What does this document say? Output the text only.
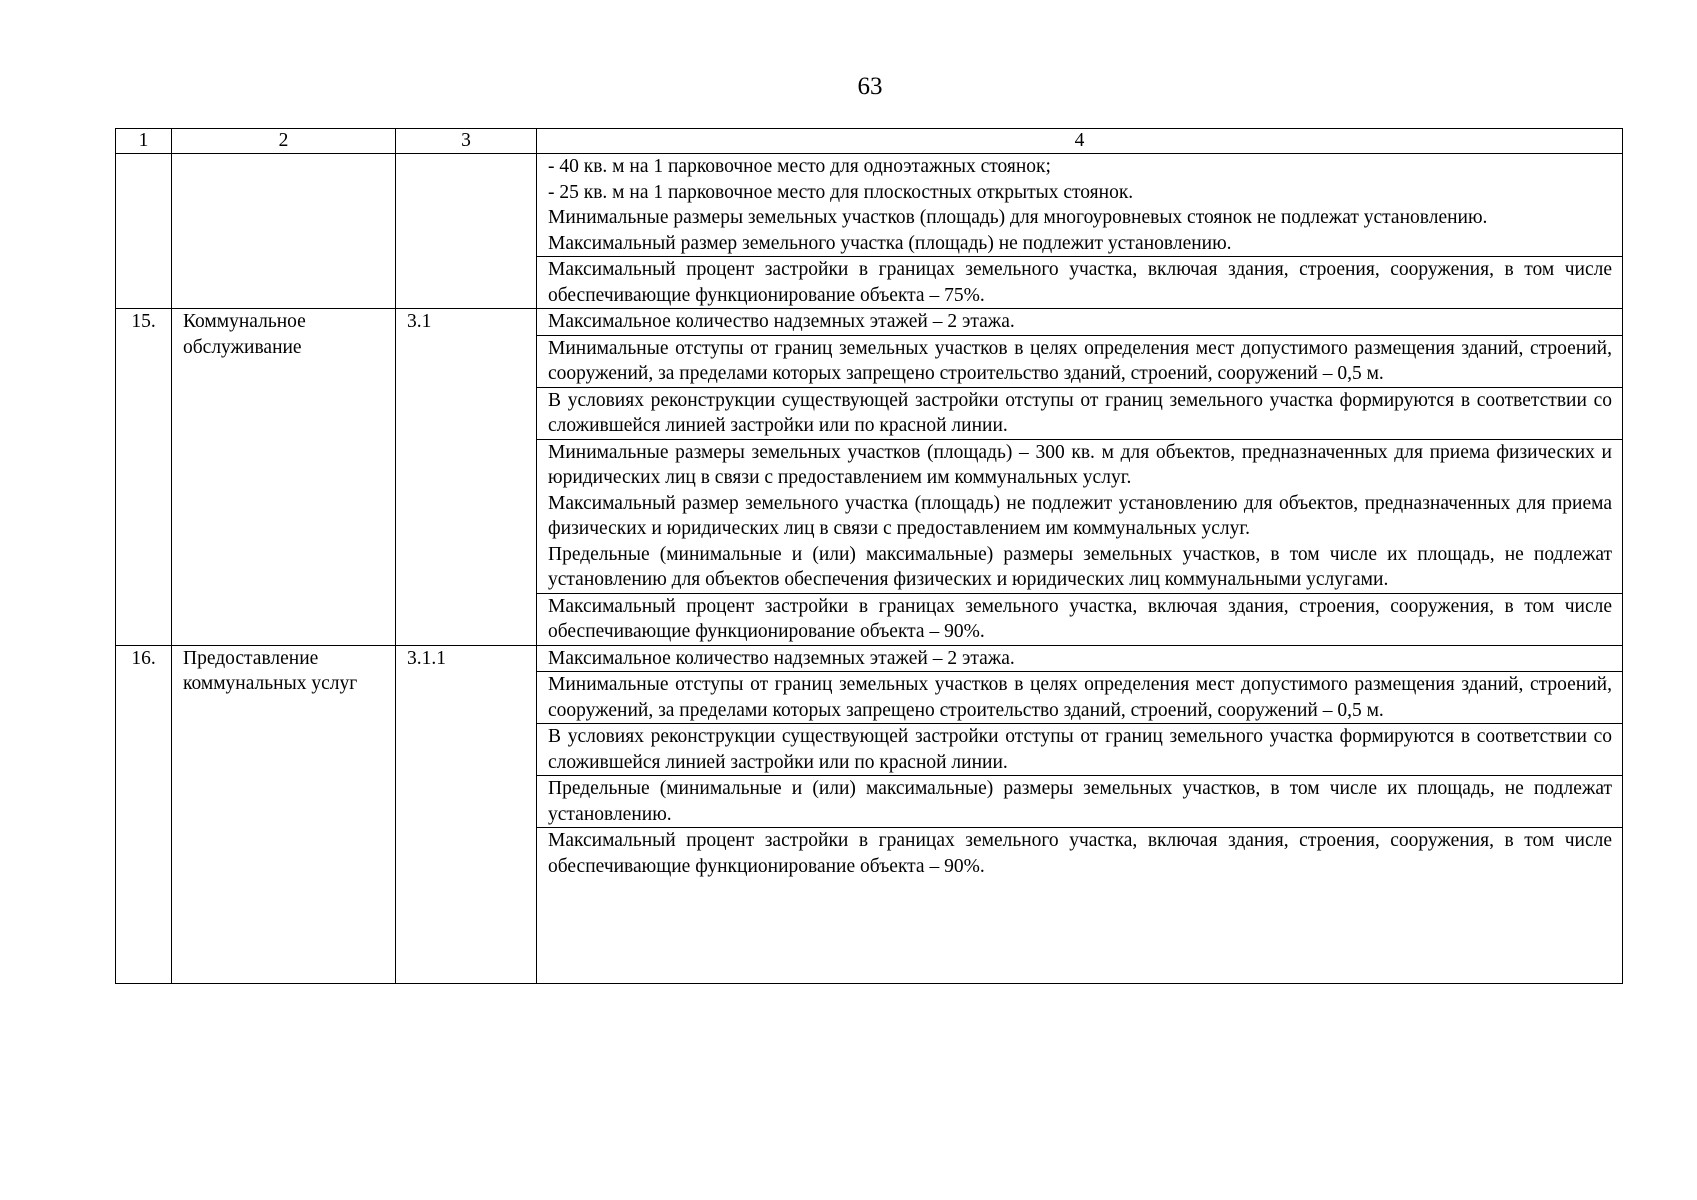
63
1	2	3	4

			- 40 кв. м на 1 парковочное место для одноэтажных стоянок;
- 25 кв. м на 1 парковочное место для плоскостных открытых стоянок.
Минимальные размеры земельных участков (площадь) для многоуровневых стоянок не подлежат установлению.
Максимальный размер земельного участка (площадь) не подлежит установлению.

			Максимальный процент застройки в границах земельного участка, включая здания, строения, сооружения, в том числе обеспечивающие функционирование объекта – 75%.

15.	Коммунальное обслуживание	3.1	Максимальное количество надземных этажей – 2 этажа.

			Минимальные отступы от границ земельных участков в целях определения мест допустимого размещения зданий, строений, сооружений, за пределами которых запрещено строительство зданий, строений, сооружений – 0,5 м.

			В условиях реконструкции существующей застройки отступы от границ земельного участка формируются в соответствии со сложившейся линией застройки или по красной линии.

			Минимальные размеры земельных участков (площадь) – 300 кв. м для объектов, предназначенных для приема физических и юридических лиц в связи с предоставлением им коммунальных услуг.
Максимальный размер земельного участка (площадь) не подлежит установлению для объектов, предназначенных для приема физических и юридических лиц в связи с предоставлением им коммунальных услуг.
Предельные (минимальные и (или) максимальные) размеры земельных участков, в том числе их площадь, не подлежат установлению для объектов обеспечения физических и юридических лиц коммунальными услугами.

			Максимальный процент застройки в границах земельного участка, включая здания, строения, сооружения, в том числе обеспечивающие функционирование объекта – 90%.

16.	Предоставление коммунальных услуг	3.1.1	Максимальное количество надземных этажей – 2 этажа.

			Минимальные отступы от границ земельных участков в целях определения мест допустимого размещения зданий, строений, сооружений, за пределами которых запрещено строительство зданий, строений, сооружений – 0,5 м.

			В условиях реконструкции существующей застройки отступы от границ земельного участка формируются в соответствии со сложившейся линией застройки или по красной линии.

			Предельные (минимальные и (или) максимальные) размеры земельных участков, в том числе их площадь, не подлежат установлению.

			Максимальный процент застройки в границах земельного участка, включая здания, строения, сооружения, в том числе обеспечивающие функционирование объекта – 90%.
